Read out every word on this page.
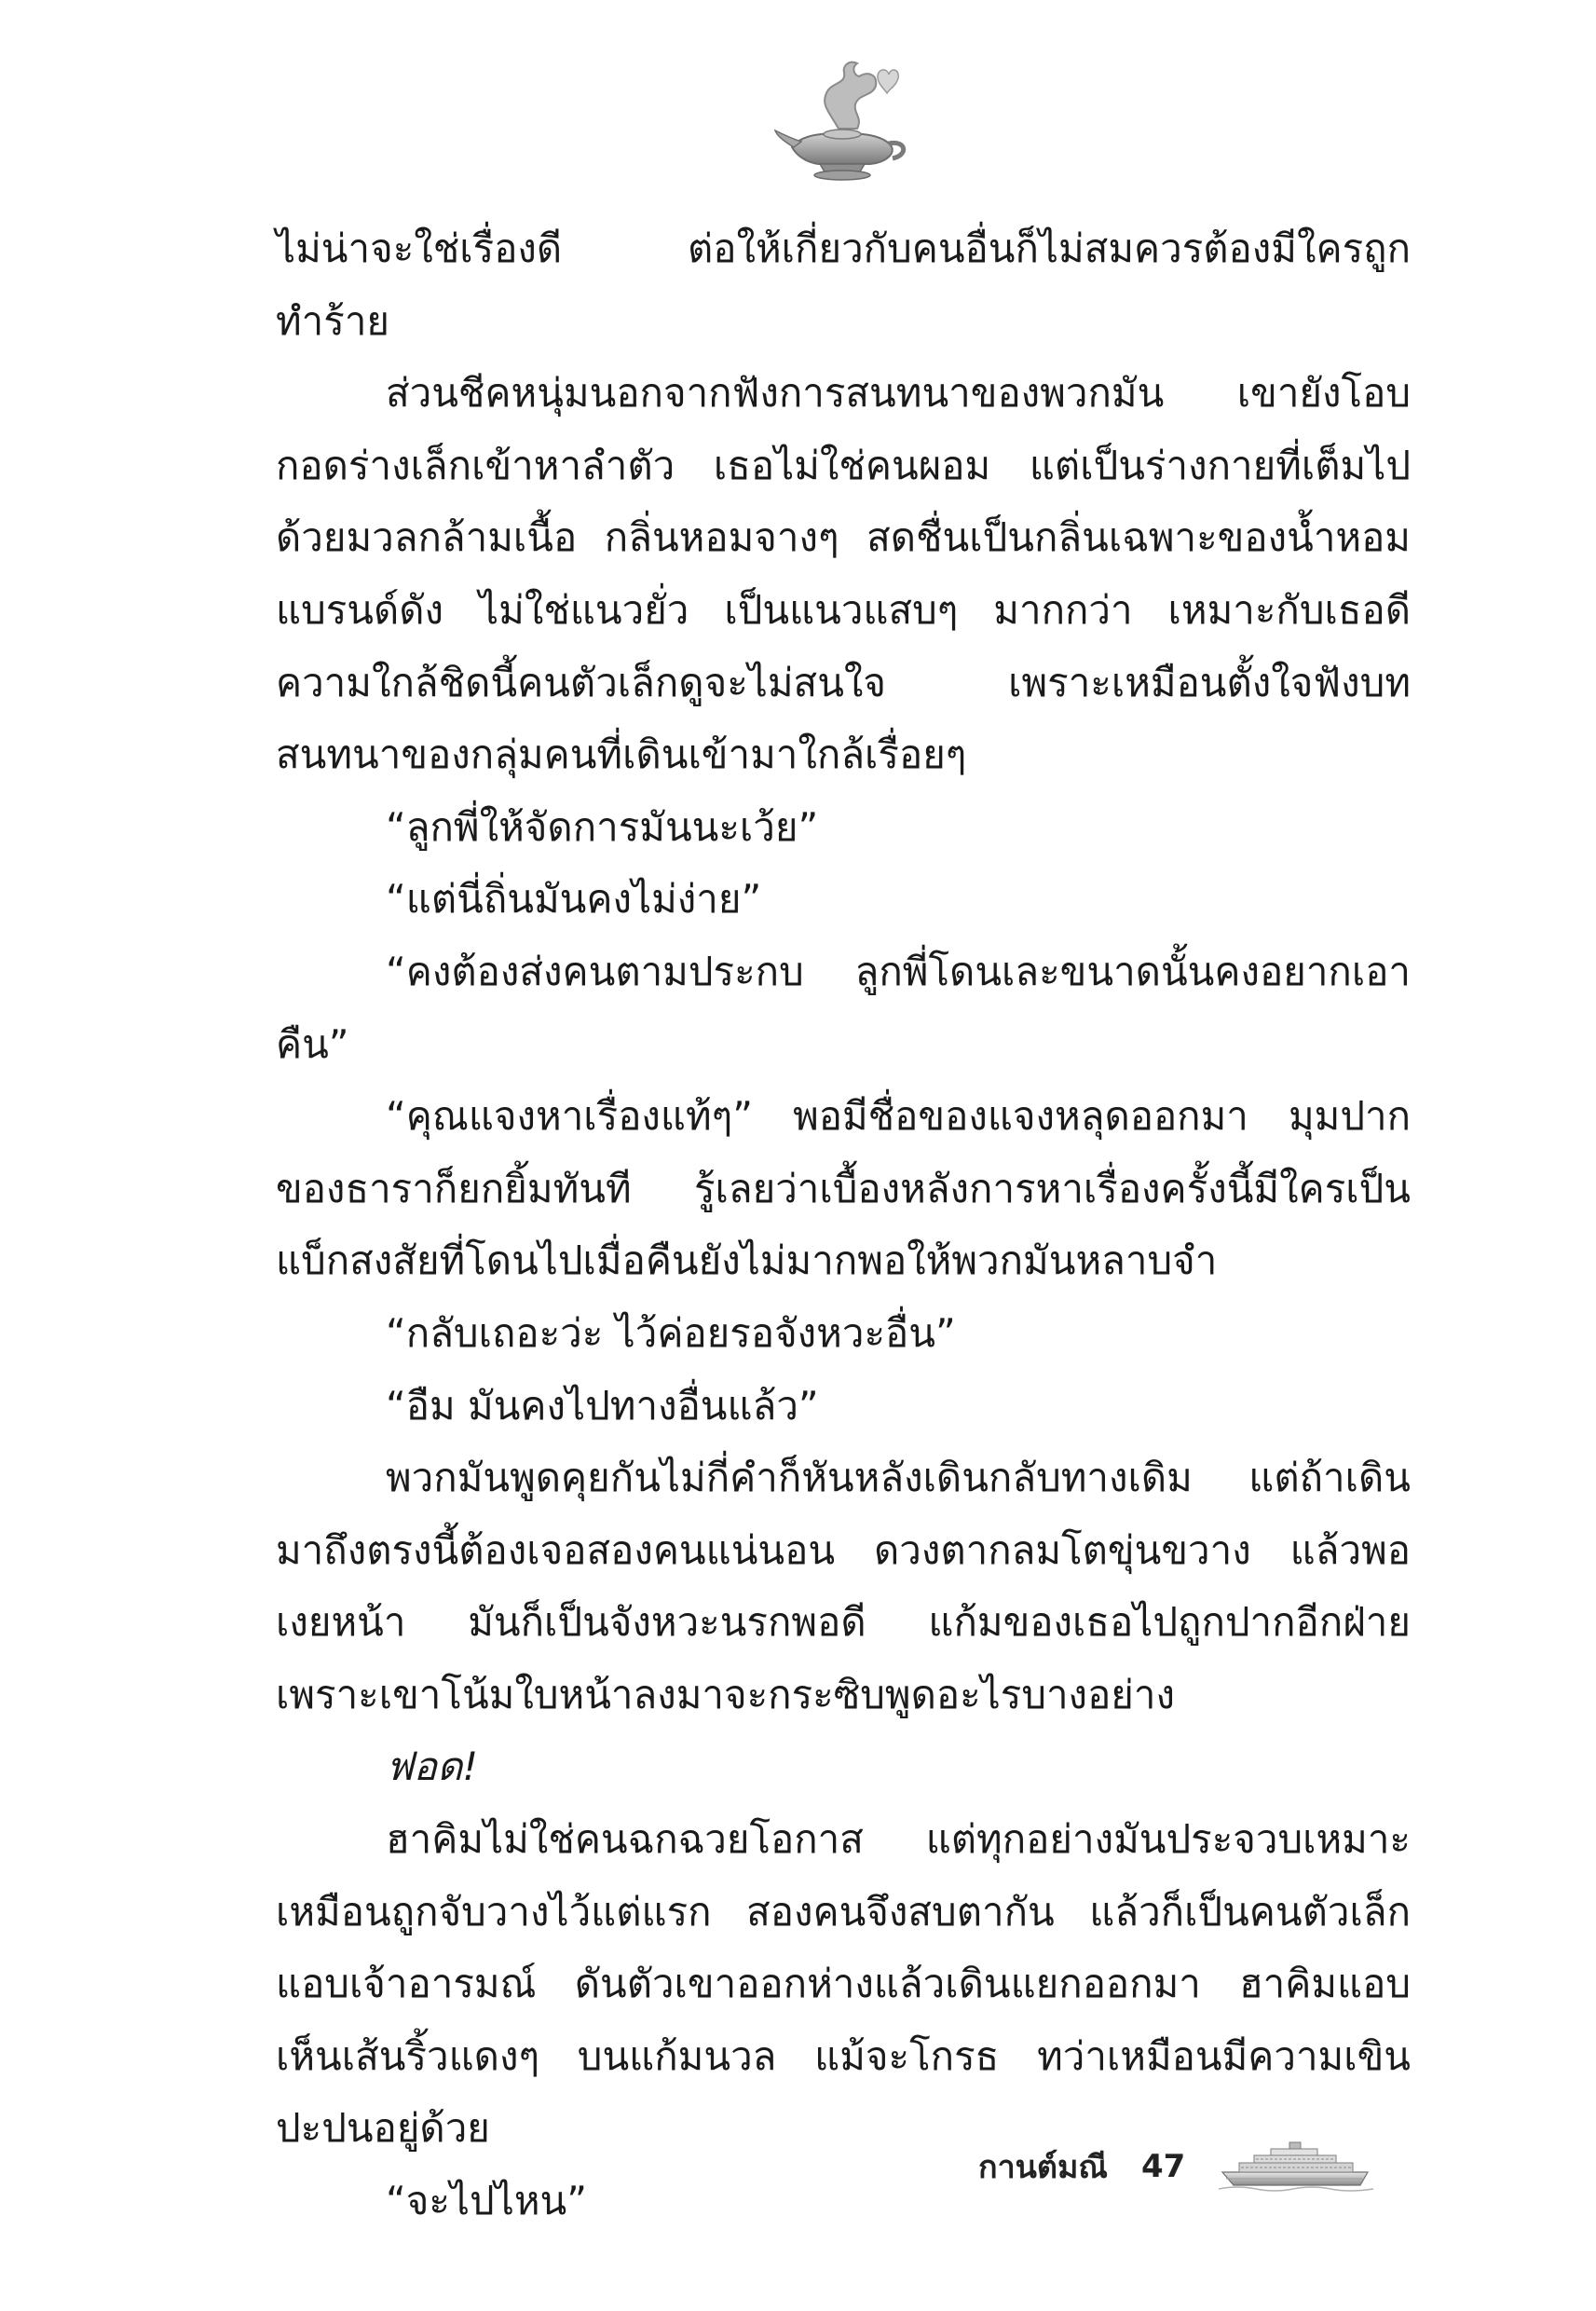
ไม่น่าจะใช่เรื่องดี ต่อให้เกี่ยวกับคนอื่นก็ไม่สมควรต้องมีใครถูกทำร้าย

ส่วนชีคหนุ่มนอกจากฟังการสนทนาของพวกมัน เขายังโอบกอดร่างเล็กเข้าหาลำตัว เธอไม่ใช่คนผอม แต่เป็นร่างกายที่เต็มไปด้วยมวลกล้ามเนื้อ กลิ่นหอมจางๆ สดชื่นเป็นกลิ่นเฉพาะของน้ำหอมแบรนด์ดัง ไม่ใช่แนวยั่ว เป็นแนวแสบๆ มากกว่า เหมาะกับเธอดี ความใกล้ชิดนี้คนตัวเล็กดูจะไม่สนใจ เพราะเหมือนตั้งใจฟังบทสนทนาของกลุ่มคนที่เดินเข้ามาใกล้เรื่อยๆ

“ลูกพี่ให้จัดการมันนะเว้ย”

“แต่นี่ถิ่นมันคงไม่ง่าย”

“คงต้องส่งคนตามประกบ ลูกพี่โดนเละขนาดนั้นคงอยากเอาคืน”

“คุณแจงหาเรื่องแท้ๆ” พอมีชื่อของแจงหลุดออกมา มุมปากของธาราก็ยกยิ้มทันที รู้เลยว่าเบื้องหลังการหาเรื่องครั้งนี้มีใครเป็นแบ็กสงสัยที่โดนไปเมื่อคืนยังไม่มากพอให้พวกมันหลาบจำ

“กลับเถอะว่ะ ไว้ค่อยรอจังหวะอื่น”

“อืม มันคงไปทางอื่นแล้ว”

พวกมันพูดคุยกันไม่กี่คำก็หันหลังเดินกลับทางเดิม แต่ถ้าเดินมาถึงตรงนี้ต้องเจอสองคนแน่นอน ดวงตากลมโตขุ่นขวาง แล้วพอเงยหน้า มันก็เป็นจังหวะนรกพอดี แก้มของเธอไปถูกปากอีกฝ่ายเพราะเขาโน้มใบหน้าลงมาจะกระซิบพูดอะไรบางอย่าง

ฟอด!

ฮาคิมไม่ใช่คนฉกฉวยโอกาส แต่ทุกอย่างมันประจวบเหมาะเหมือนถูกจับวางไว้แต่แรก สองคนจึงสบตากัน แล้วก็เป็นคนตัวเล็กแอบเจ้าอารมณ์ ดันตัวเขาออกห่างแล้วเดินแยกออกมา ฮาคิมแอบเห็นเส้นริ้วแดงๆ บนแก้มนวล แม้จะโกรธ ทว่าเหมือนมีความเขินปะปนอยู่ด้วย

“จะไปไหน”

กานต์มณี 47
